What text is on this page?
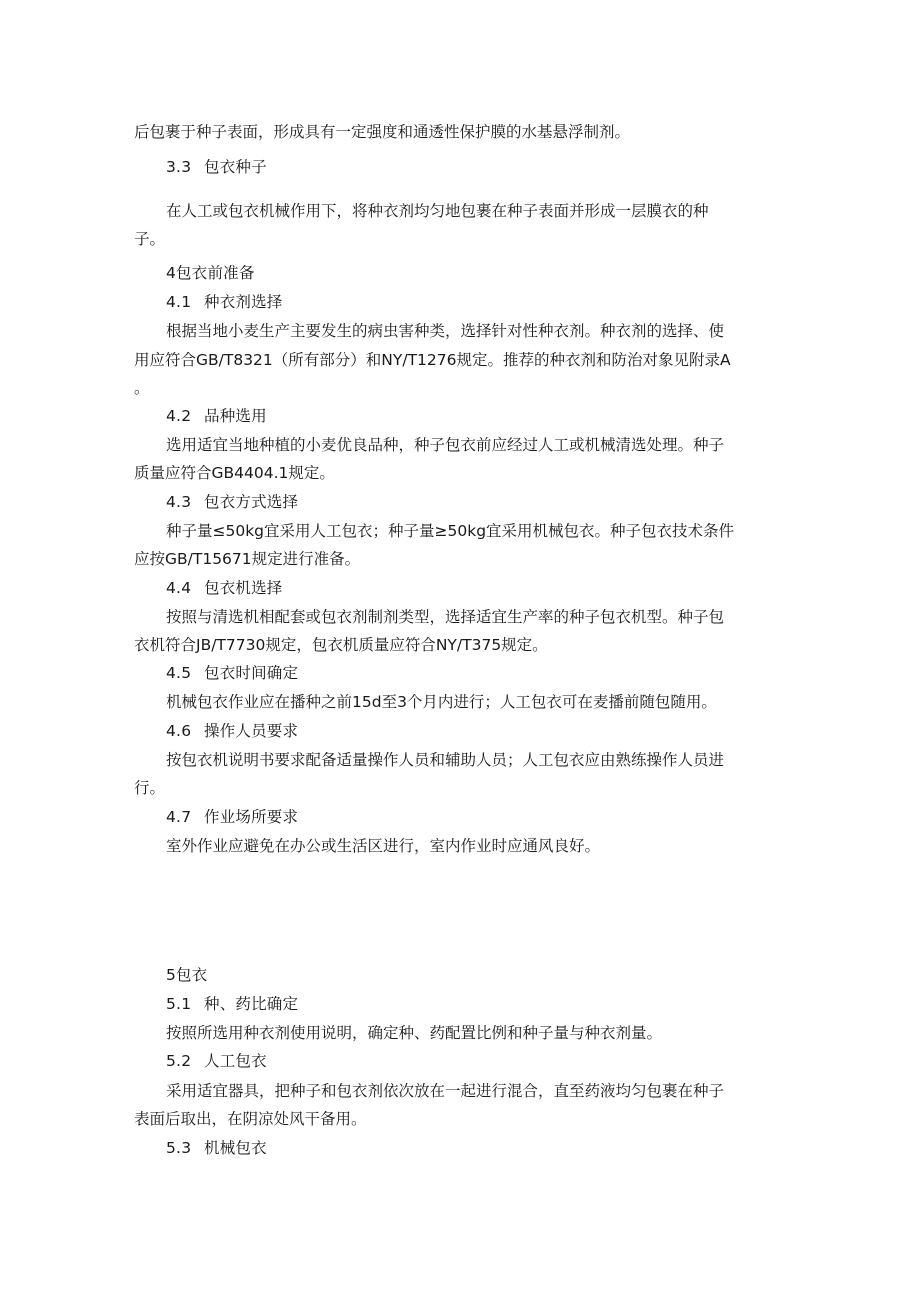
后包裹于种子表面，形成具有一定强度和通透性保护膜的水基悬浮制剂。

3.3 包衣种子

在人工或包衣机械作用下，将种衣剂均匀地包裹在种子表面并形成一层膜衣的种

子。

4包衣前准备

4.1 种衣剂选择

根据当地小麦生产主要发生的病虫害种类，选择针对性种衣剂。种衣剂的选择、使

用应符合GB/T8321（所有部分）和NY/T1276规定。推荐的种衣剂和防治对象见附录A

。

4.2 品种选用

选用适宜当地种植的小麦优良品种，种子包衣前应经过人工或机械清选处理。种子

质量应符合GB4404.1规定。

4.3 包衣方式选择

种子量≤50kg宜采用人工包衣；种子量≥50kg宜采用机械包衣。种子包衣技术条件

应按GB/T15671规定进行准备。

4.4 包衣机选择

按照与清选机相配套或包衣剂制剂类型，选择适宜生产率的种子包衣机型。种子包

衣机符合JB/T7730规定，包衣机质量应符合NY/T375规定。

4.5 包衣时间确定

机械包衣作业应在播种之前15d至3个月内进行；人工包衣可在麦播前随包随用。

4.6 操作人员要求

按包衣机说明书要求配备适量操作人员和辅助人员；人工包衣应由熟练操作人员进

行。

4.7 作业场所要求

室外作业应避免在办公或生活区进行，室内作业时应通风良好。

5包衣

5.1 种、药比确定

按照所选用种衣剂使用说明，确定种、药配置比例和种子量与种衣剂量。

5.2 人工包衣

采用适宜器具，把种子和包衣剂依次放在一起进行混合，直至药液均匀包裹在种子

表面后取出，在阴凉处风干备用。

5.3 机械包衣
